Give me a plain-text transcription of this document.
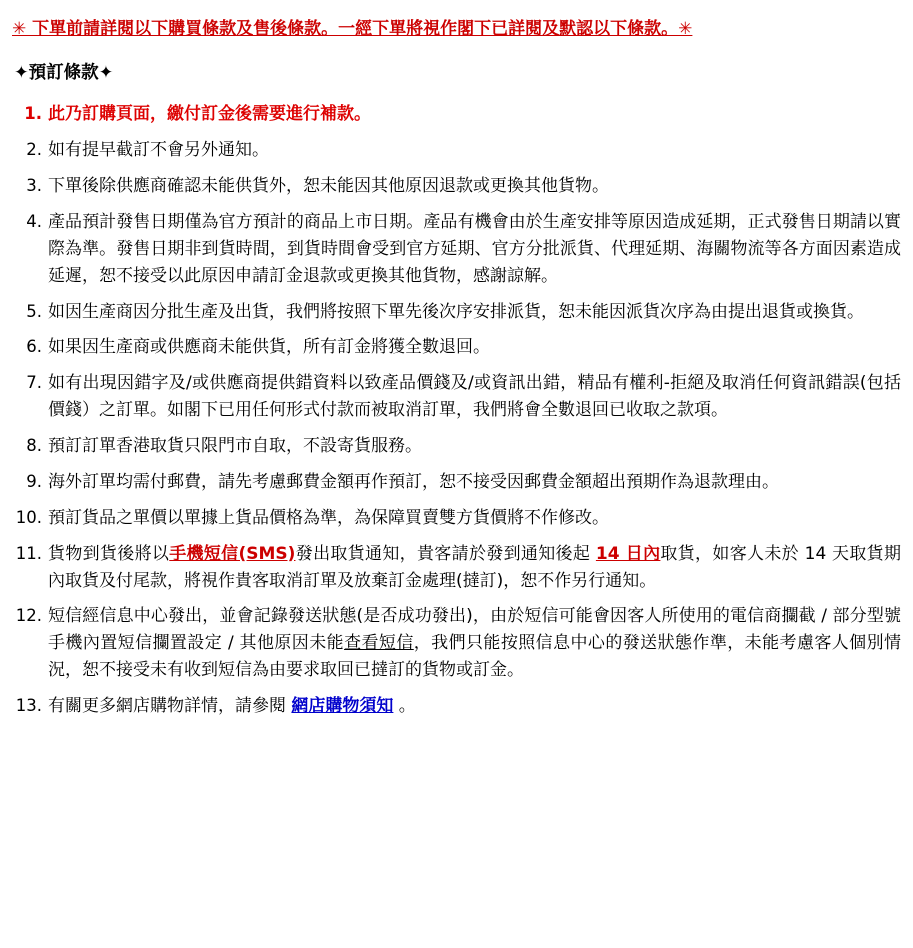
✳ 下單前請詳閱以下購買條款及售後條款。一經下單將視作閣下已詳閱及默認以下條款。✳
✦預訂條款✦
1. 此乃訂購頁面，繳付訂金後需要進行補款。
2. 如有提早截訂不會另外通知。
3. 下單後除供應商確認未能供貨外，恕未能因其他原因退款或更換其他貨物。
4. 產品預計發售日期僅為官方預計的商品上市日期。產品有機會由於生產安排等原因造成延期，正式發售日期請以實際為準。發售日期非到貨時間，到貨時間會受到官方延期、官方分批派貨、代理延期、海關物流等各方面因素造成延遲，恕不接受以此原因申請訂金退款或更換其他貨物，感謝諒解。
5. 如因生產商因分批生產及出貨，我們將按照下單先後次序安排派貨，恕未能因派貨次序為由提出退貨或換貨。
6. 如果因生產商或供應商未能供貨，所有訂金將獲全數退回。
7. 如有出現因錯字及/或供應商提供錯資料以致產品價錢及/或資訊出錯，精品有權利-拒絕及取消任何資訊錯誤(包括價錢）之訂單。如閣下已用任何形式付款而被取消訂單，我們將會全數退回已收取之款項。
8. 預訂訂單香港取貨只限門市自取，不設寄貨服務。
9. 海外訂單均需付郵費，請先考慮郵費金額再作預訂，恕不接受因郵費金額超出預期作為退款理由。
10. 預訂貨品之單價以單據上貨品價格為準，為保障買賣雙方貨價將不作修改。
11. 貨物到貨後將以手機短信(SMS)發出取貨通知，貴客請於發到通知後起 14 日內取貨，如客人未於 14 天取貨期內取貨及付尾款，將視作貴客取消訂單及放棄訂金處理(撻訂)，恕不作另行通知。
12. 短信經信息中心發出，並會記錄發送狀態(是否成功發出)，由於短信可能會因客人所使用的電信商攔截 / 部分型號手機內置短信攔置設定 / 其他原因未能查看短信，我們只能按照信息中心的發送狀態作準，未能考慮客人個別情況，恕不接受未有收到短信為由要求取回已撻訂的貨物或訂金。
13. 有關更多網店購物詳情，請參閱 網店購物須知 。
